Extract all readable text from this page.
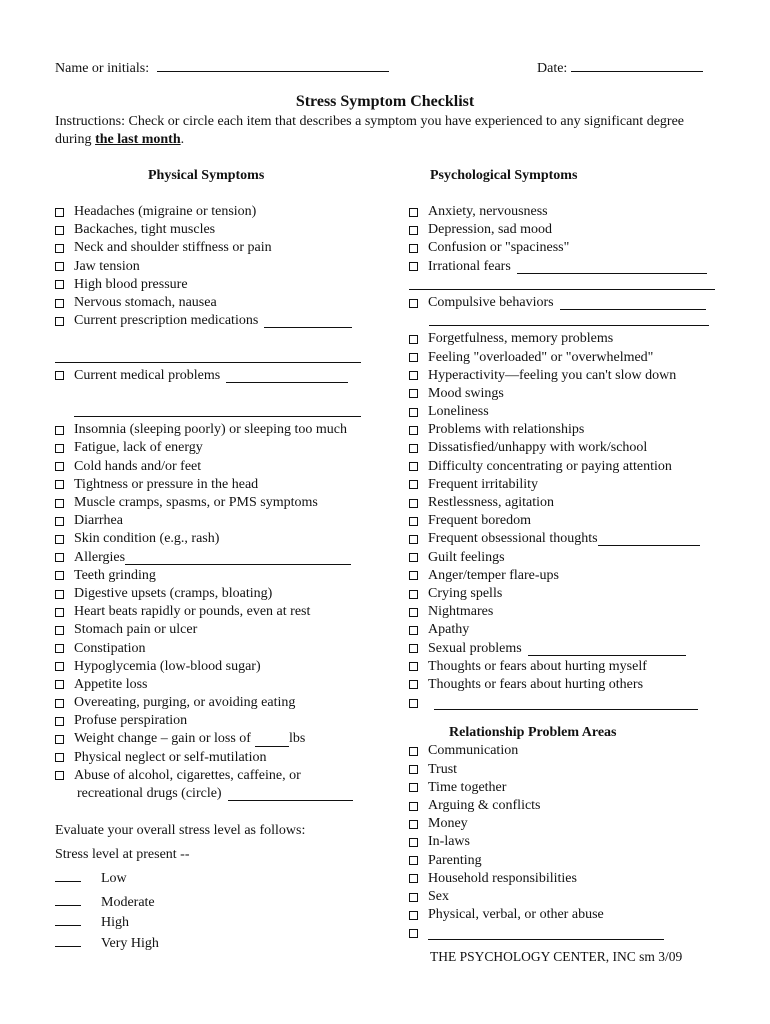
Name or initials:	Date:
Stress Symptom Checklist
Instructions: Check or circle each item that describes a symptom you have experienced to any significant degree
during the last month.
Physical Symptoms	Psychological Symptoms
Headaches (migraine or tension)
Backaches, tight muscles
Neck and shoulder stiffness or pain
Jaw tension
High blood pressure
Nervous stomach, nausea
Current prescription medications
Current medical problems
Insomnia (sleeping poorly) or sleeping too much
Fatigue, lack of energy
Cold hands and/or feet
Tightness or pressure in the head
Muscle cramps, spasms, or PMS symptoms
Diarrhea
Skin condition (e.g., rash)
Allergies
Teeth grinding
Digestive upsets (cramps, bloating)
Heart beats rapidly or pounds, even at rest
Stomach pain or ulcer
Constipation
Hypoglycemia (low-blood sugar)
Appetite loss
Overeating, purging, or avoiding eating
Profuse perspiration
Weight change – gain or loss of	lbs
Physical neglect or self-mutilation
Abuse of alcohol, cigarettes, caffeine, or
recreational drugs (circle)
Evaluate your overall stress level as follows:
Stress level at present --
Low
Moderate
High
Very High
Anxiety, nervousness
Depression, sad mood
Confusion or "spaciness"
Irrational fears
Compulsive behaviors
Forgetfulness, memory problems
Feeling "overloaded" or "overwhelmed"
Hyperactivity—feeling you can't slow down
Mood swings
Loneliness
Problems with relationships
Dissatisfied/unhappy with work/school
Difficulty concentrating or paying attention
Frequent irritability
Restlessness, agitation
Frequent boredom
Frequent obsessional thoughts
Guilt feelings
Anger/temper flare-ups
Crying spells
Nightmares
Apathy
Sexual problems
Thoughts or fears about hurting myself
Thoughts or fears about hurting others
Relationship Problem Areas
Communication
Trust
Time together
Arguing & conflicts
Money
In-laws
Parenting
Household responsibilities
Sex
Physical, verbal, or other abuse
THE PSYCHOLOGY CENTER, INC sm 3/09
